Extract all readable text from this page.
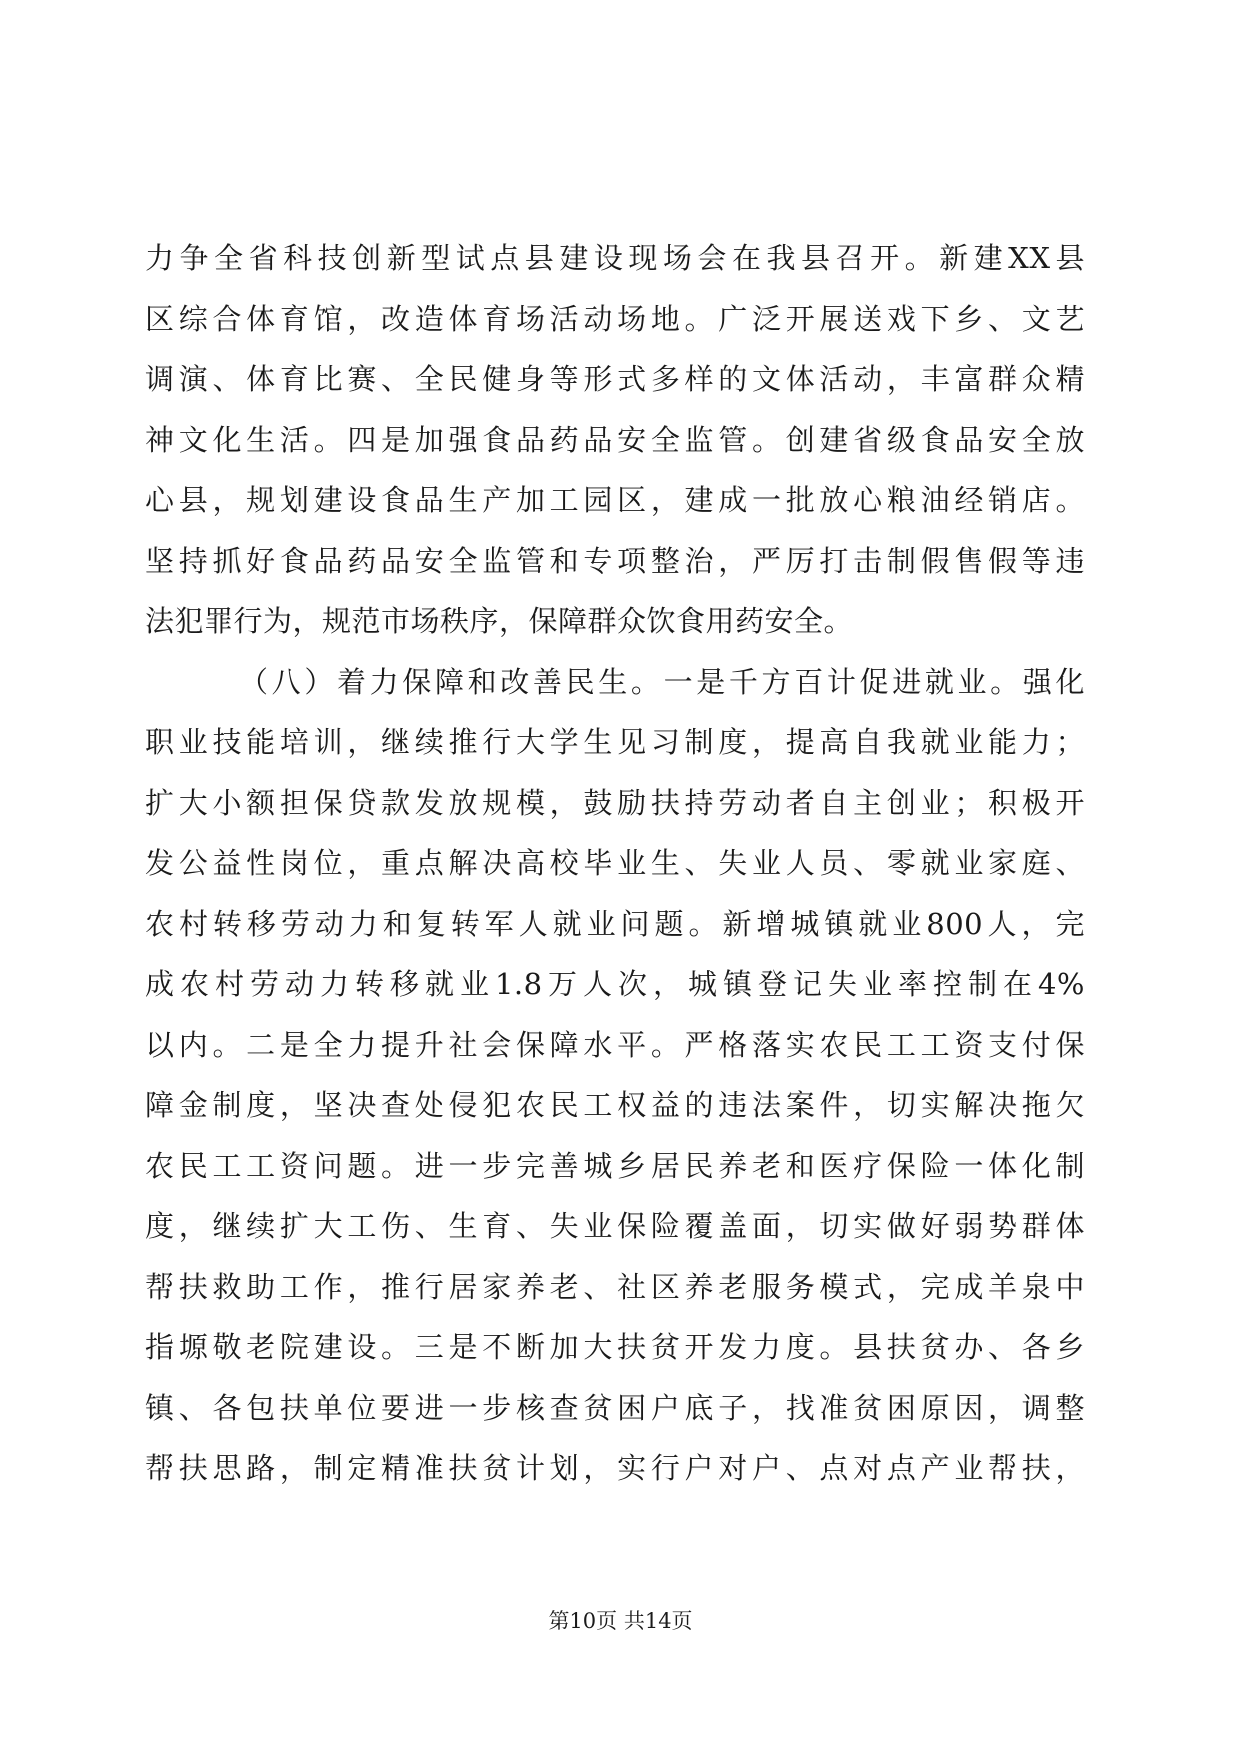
力争全省科技创新型试点县建设现场会在我县召开。新建XX县
区综合体育馆，改造体育场活动场地。广泛开展送戏下乡、文艺
调演、体育比赛、全民健身等形式多样的文体活动，丰富群众精
神文化生活。四是加强食品药品安全监管。创建省级食品安全放
心县，规划建设食品生产加工园区，建成一批放心粮油经销店。
坚持抓好食品药品安全监管和专项整治，严厉打击制假售假等违
法犯罪行为，规范市场秩序，保障群众饮食用药安全。
（八）着力保障和改善民生。一是千方百计促进就业。强化
职业技能培训，继续推行大学生见习制度，提高自我就业能力；
扩大小额担保贷款发放规模，鼓励扶持劳动者自主创业；积极开
发公益性岗位，重点解决高校毕业生、失业人员、零就业家庭、
农村转移劳动力和复转军人就业问题。新增城镇就业800人，完
成农村劳动力转移就业1.8万人次，城镇登记失业率控制在4%
以内。二是全力提升社会保障水平。严格落实农民工工资支付保
障金制度，坚决查处侵犯农民工权益的违法案件，切实解决拖欠
农民工工资问题。进一步完善城乡居民养老和医疗保险一体化制
度，继续扩大工伤、生育、失业保险覆盖面，切实做好弱势群体
帮扶救助工作，推行居家养老、社区养老服务模式，完成羊泉中
指塬敬老院建设。三是不断加大扶贫开发力度。县扶贫办、各乡
镇、各包扶单位要进一步核查贫困户底子，找准贫困原因，调整
帮扶思路，制定精准扶贫计划，实行户对户、点对点产业帮扶，
第10页 共14页
